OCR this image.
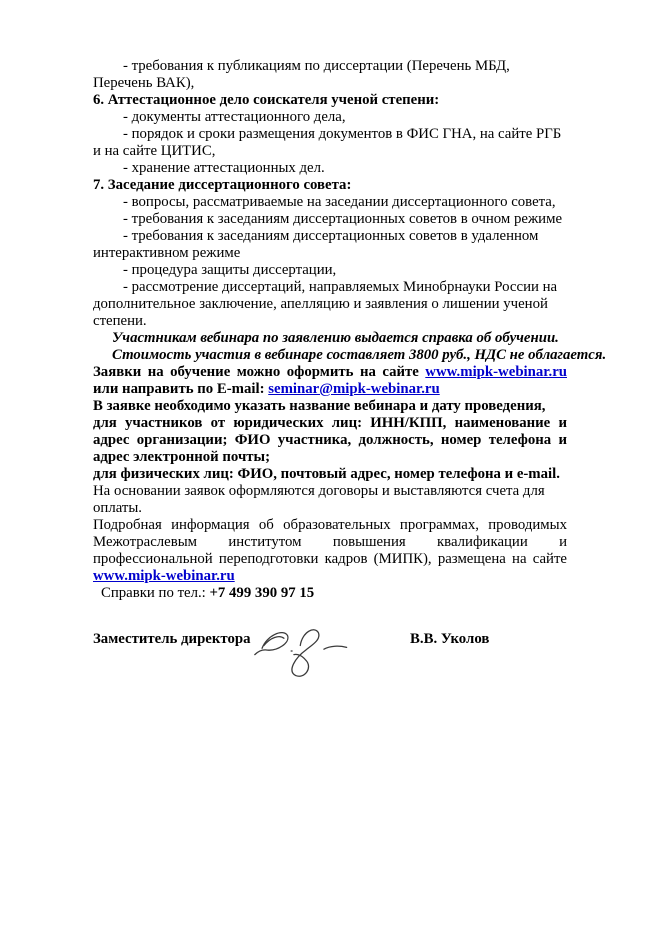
- требования к публикациям по диссертации (Перечень МБД, Перечень ВАК),

6. Аттестационное дело соискателя ученой степени:

- документы аттестационного дела,

- порядок и сроки размещения документов в ФИС ГНА, на сайте РГБ и на сайте ЦИТИС,

- хранение аттестационных дел.

7. Заседание диссертационного совета:

- вопросы, рассматриваемые на заседании диссертационного совета,

- требования к заседаниям диссертационных советов в очном режиме

- требования к заседаниям диссертационных советов в удаленном интерактивном режиме

- процедура защиты диссертации,

- рассмотрение диссертаций, направляемых Минобрнауки России на дополнительное заключение, апелляцию и заявления о лишении ученой степени.

Участникам вебинара по заявлению выдается справка об обучении.

Стоимость участия в вебинаре составляет 3800 руб., НДС не облагается.

Заявки на обучение можно оформить на сайте www.mipk-webinar.ru или направить по E-mail: seminar@mipk-webinar.ru

В заявке необходимо указать название вебинара и дату проведения,

для участников от юридических лиц: ИНН/КПП, наименование и адрес организации; ФИО участника, должность, номер телефона и адрес электронной почты;

для физических лиц: ФИО, почтовый адрес, номер телефона и e-mail.

На основании заявок оформляются договоры и выставляются счета для оплаты.

Подробная информация об образовательных программах, проводимых Межотраслевым институтом повышения квалификации и профессиональной переподготовки кадров (МИПК), размещена на сайте www.mipk-webinar.ru

Справки по тел.: +7 499 390 97 15

Заместитель директора	В.В. Уколов
